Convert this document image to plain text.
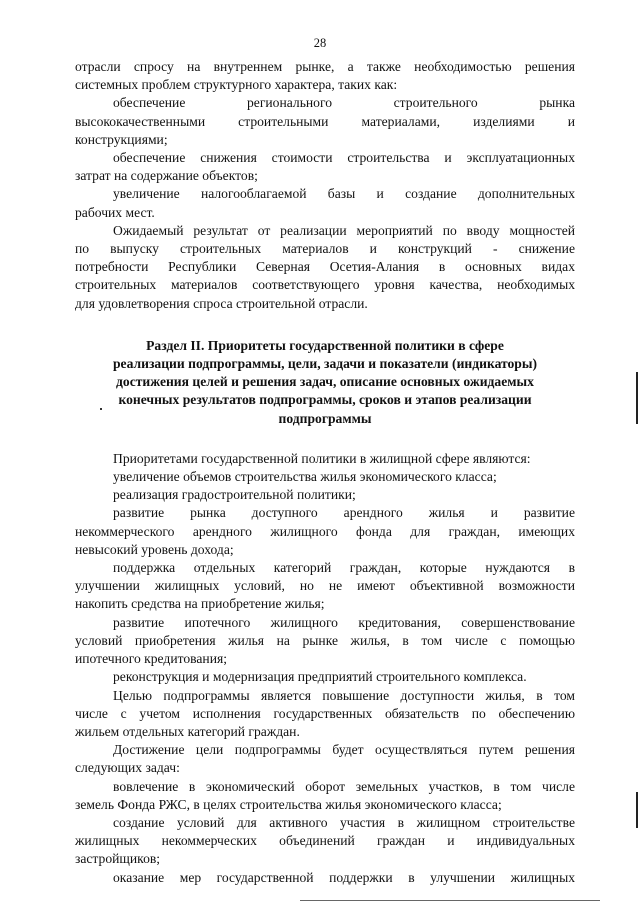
28

отрасли спросу на внутреннем рынке, а также необходимостью решения

системных проблем структурного характера, таких как:

обеспечение регионального строительного рынка

высококачественными строительными материалами, изделиями и

конструкциями;

обеспечение снижения стоимости строительства и эксплуатационных

затрат на содержание объектов;

увеличение налогооблагаемой базы и создание дополнительных

рабочих мест.

Ожидаемый результат от реализации мероприятий по вводу мощностей

по выпуску строительных материалов и конструкций - снижение

потребности Республики Северная Осетия-Алания в основных видах

строительных материалов соответствующего уровня качества, необходимых

для удовлетворения спроса строительной отрасли.

Раздел II. Приоритеты государственной политики в сфере

реализации подпрограммы, цели, задачи и показатели (индикаторы)

достижения целей и решения задач, описание основных ожидаемых

конечных результатов подпрограммы, сроков и этапов реализации

подпрограммы

Приоритетами государственной политики в жилищной сфере являются:

увеличение объемов строительства жилья экономического класса;

реализация градостроительной политики;

развитие рынка доступного арендного жилья и развитие

некоммерческого арендного жилищного фонда для граждан, имеющих

невысокий уровень дохода;

поддержка отдельных категорий граждан, которые нуждаются в

улучшении жилищных условий, но не имеют объективной возможности

накопить средства на приобретение жилья;

развитие ипотечного жилищного кредитования, совершенствование

условий приобретения жилья на рынке жилья, в том числе с помощью

ипотечного кредитования;

реконструкция и модернизация предприятий строительного комплекса.

Целью подпрограммы является повышение доступности жилья, в том

числе с учетом исполнения государственных обязательств по обеспечению

жильем отдельных категорий граждан.

Достижение цели подпрограммы будет осуществляться путем решения

следующих задач:

вовлечение в экономический оборот земельных участков, в том числе

земель Фонда РЖС, в целях строительства жилья экономического класса;

создание условий для активного участия в жилищном строительстве

жилищных некоммерческих объединений граждан и индивидуальных

застройщиков;

оказание мер государственной поддержки в улучшении жилищных
